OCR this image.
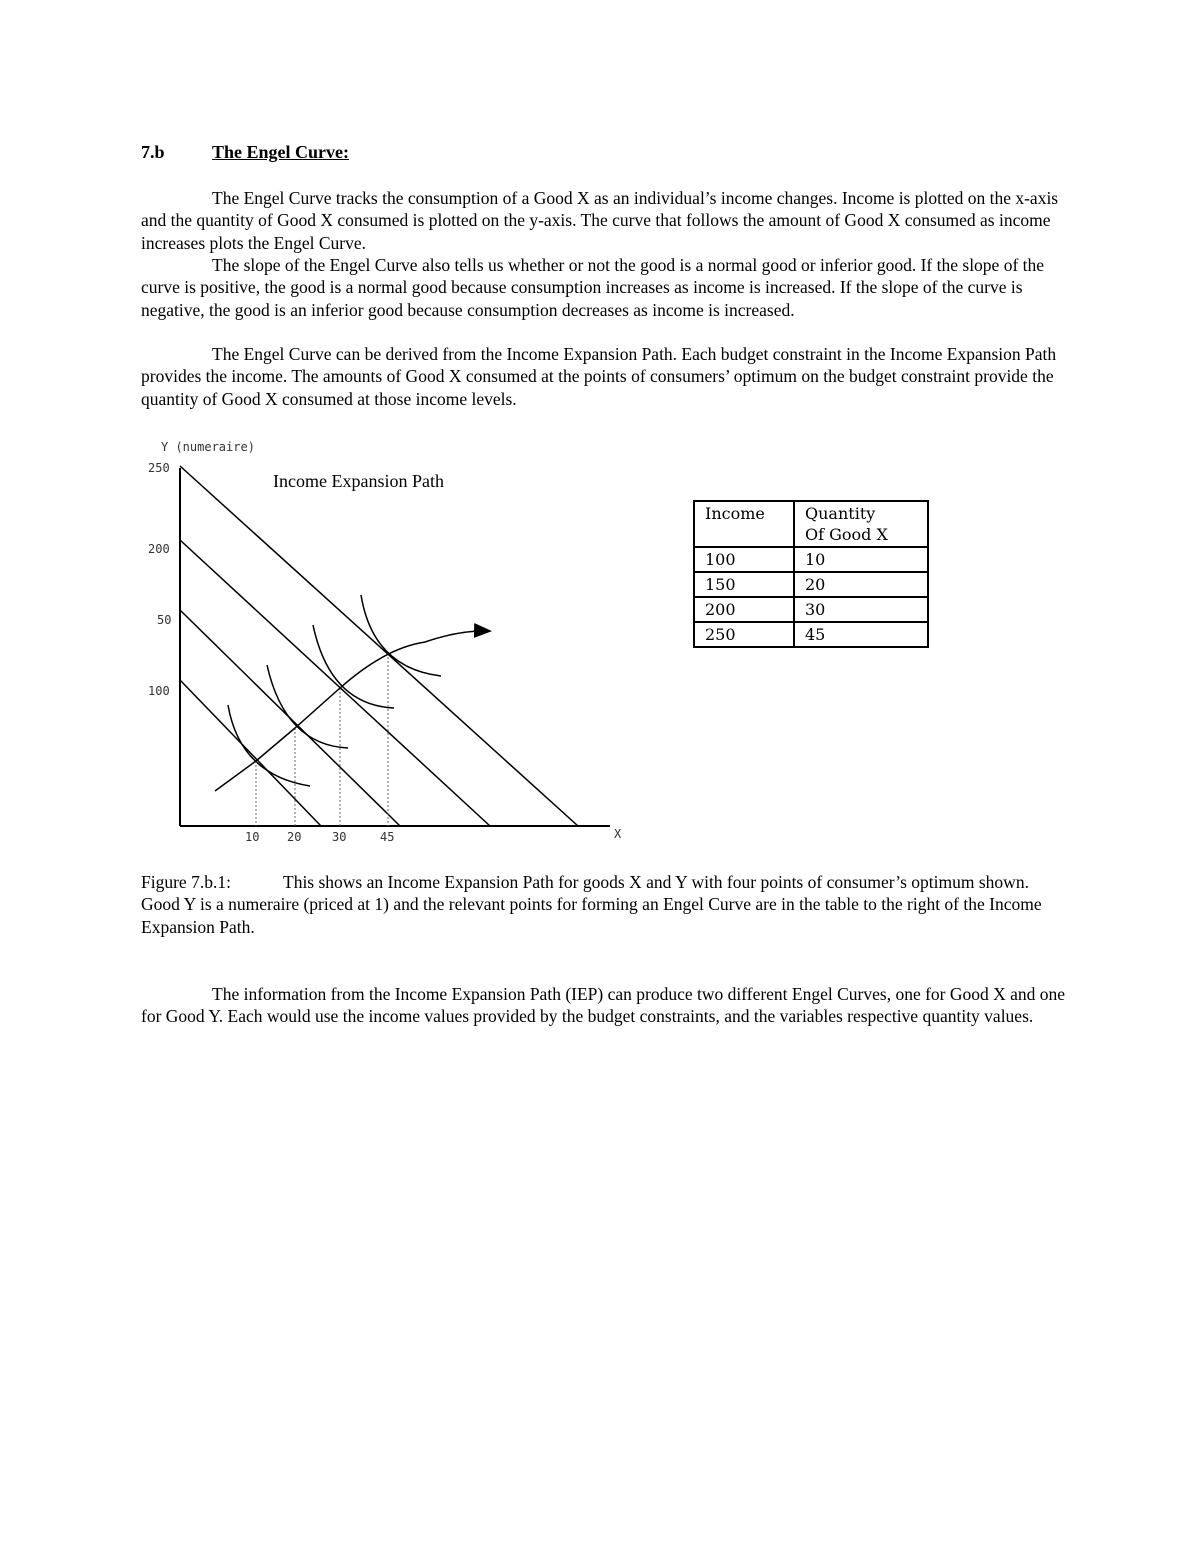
7.b	The Engel Curve:

The Engel Curve tracks the consumption of a Good X as an individual’s income changes. Income is plotted on the x-axis and the quantity of Good X consumed is plotted on the y-axis. The curve that follows the amount of Good X consumed as income increases plots the Engel Curve.

The slope of the Engel Curve also tells us whether or not the good is a normal good or inferior good. If the slope of the curve is positive, the good is a normal good because consumption increases as income is increased. If the slope of the curve is negative, the good is an inferior good because consumption decreases as income is increased.

The Engel Curve can be derived from the Income Expansion Path. Each budget constraint in the Income Expansion Path provides the income. The amounts of Good X consumed at the points of consumers’ optimum on the budget constraint provide the quantity of Good X consumed at those income levels.

Y (numeraire)
X
Income Expansion Path
250
200
50
100
10 20	30	45
Income	Quantity
Of Good X
100	10
150	20
200	30
250	45

Figure 7.b.1:	This shows an Income Expansion Path for goods X and Y with four points of consumer’s optimum shown. Good Y is a numeraire (priced at 1) and the relevant points for forming an Engel Curve are in the table to the right of the Income Expansion Path.

The information from the Income Expansion Path (IEP) can produce two different Engel Curves, one for Good X and one for Good Y. Each would use the income values provided by the budget constraints, and the variables respective quantity values.
